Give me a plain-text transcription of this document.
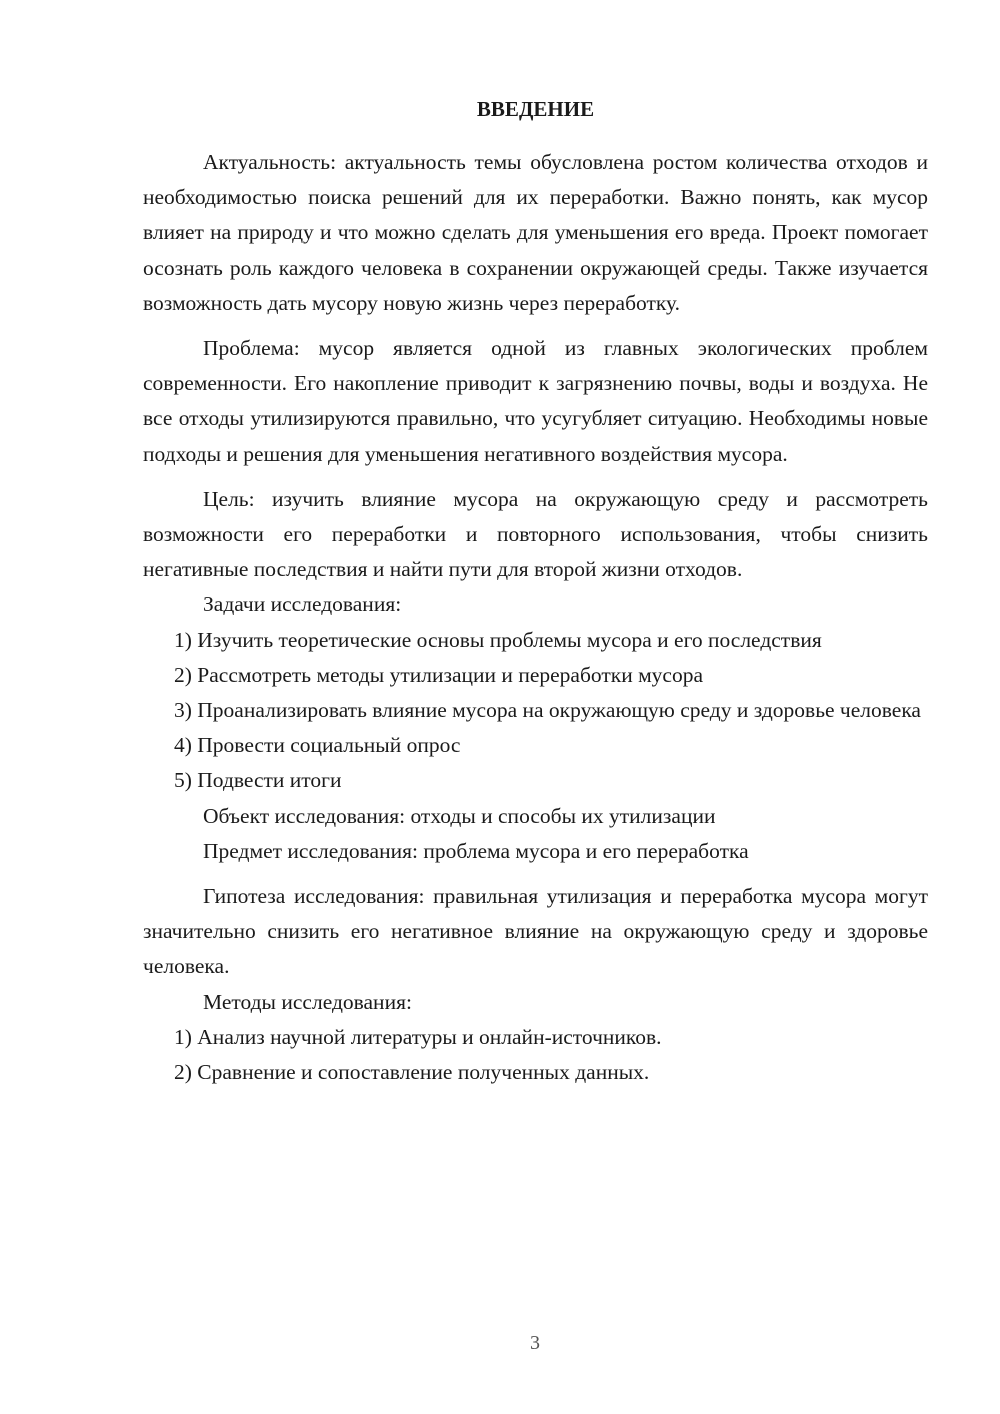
ВВЕДЕНИЕ

Актуальность: актуальность темы обусловлена ростом количества отходов и необходимостью поиска решений для их переработки. Важно понять, как мусор влияет на природу и что можно сделать для уменьшения его вреда. Проект помогает осознать роль каждого человека в сохранении окружающей среды. Также изучается возможность дать мусору новую жизнь через переработку.

Проблема: мусор является одной из главных экологических проблем современности. Его накопление приводит к загрязнению почвы, воды и воздуха. Не все отходы утилизируются правильно, что усугубляет ситуацию. Необходимы новые подходы и решения для уменьшения негативного воздействия мусора.

Цель: изучить влияние мусора на окружающую среду и рассмотреть возможности его переработки и повторного использования, чтобы снизить негативные последствия и найти пути для второй жизни отходов.

Задачи исследования:

1) Изучить теоретические основы проблемы мусора и его последствия

2) Рассмотреть методы утилизации и переработки мусора

3) Проанализировать влияние мусора на окружающую среду и здоровье человека

4) Провести социальный опрос

5) Подвести итоги

Объект исследования: отходы и способы их утилизации

Предмет исследования: проблема мусора и его переработка

Гипотеза исследования: правильная утилизация и переработка мусора могут значительно снизить его негативное влияние на окружающую среду и здоровье человека.

Методы исследования:

1) Анализ научной литературы и онлайн-источников.

2) Сравнение и сопоставление полученных данных.

3
